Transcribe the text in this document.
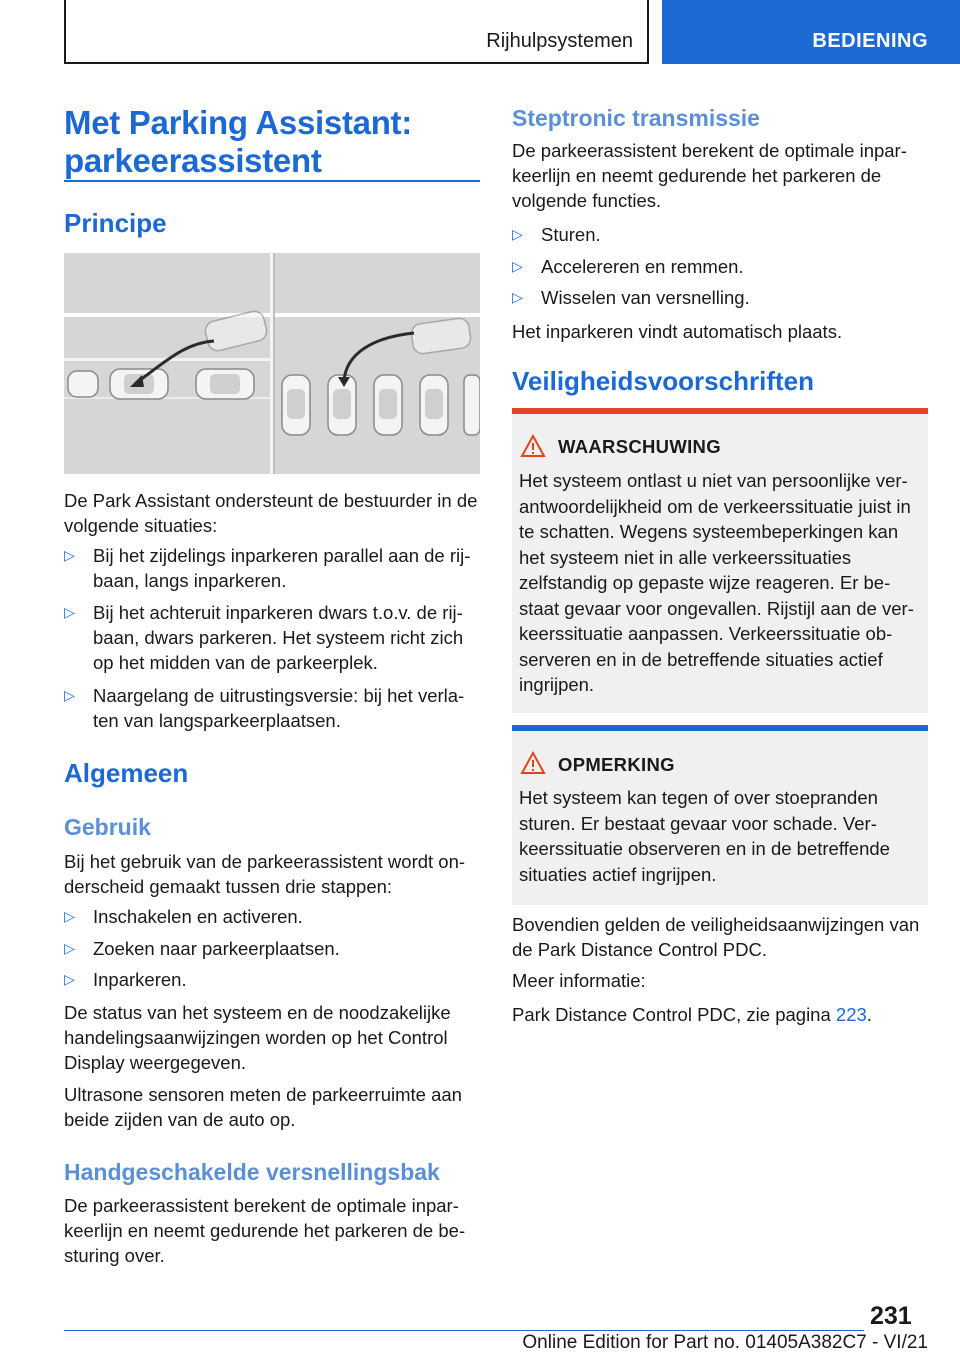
Rijhulpsystemen	BEDIENING
Met Parking Assistant: parkeerassistent
Principe

De Park Assistant ondersteunt de bestuurder in de volgende situaties:

▷ Bij het zijdelings inparkeren parallel aan de rij-baan, langs inparkeren.
▷ Bij het achteruit inparkeren dwars t.o.v. de rij-baan, dwars parkeren. Het systeem richt zich op het midden van de parkeerplek.
▷ Naargelang de uitrustingsversie: bij het verla-ten van langsparkeerplaatsen.
Algemeen
Gebruik

Bij het gebruik van de parkeerassistent wordt on-derscheid gemaakt tussen drie stappen:

▷ Inschakelen en activeren.
▷ Zoeken naar parkeerplaatsen.
▷ Inparkeren.

De status van het systeem en de noodzakelijke handelingsaanwijzingen worden op het Control Display weergegeven.

Ultrasone sensoren meten de parkeerruimte aan beide zijden van de auto op.

Handgeschakelde versnellingsbak

De parkeerassistent berekent de optimale inpar-keerlijn en neemt gedurende het parkeren de be-sturing over.

Steptronic transmissie

De parkeerassistent berekent de optimale inpar-keerlijn en neemt gedurende het parkeren de volgende functies.

▷ Sturen.
▷ Accelereren en remmen.
▷ Wisselen van versnelling.

Het inparkeren vindt automatisch plaats.

Veiligheidsvoorschriften
WAARSCHUWING

Het systeem ontlast u niet van persoonlijke ver-antwoordelijkheid om de verkeerssituatie juist in te schatten. Wegens systeembeperkingen kan het systeem niet in alle verkeerssituaties zelfstandig op gepaste wijze reageren. Er be-staat gevaar voor ongevallen. Rijstijl aan de ver-keerssituatie aanpassen. Verkeerssituatie ob-serveren en in de betreffende situaties actief ingrijpen.

OPMERKING

Het systeem kan tegen of over stoepranden sturen. Er bestaat gevaar voor schade. Ver-keerssituatie observeren en in de betreffende situaties actief ingrijpen.

Bovendien gelden de veiligheidsaanwijzingen van de Park Distance Control PDC.

Meer informatie:

Park Distance Control PDC, zie pagina 223.

231
Online Edition for Part no. 01405A382C7 - VI/21
